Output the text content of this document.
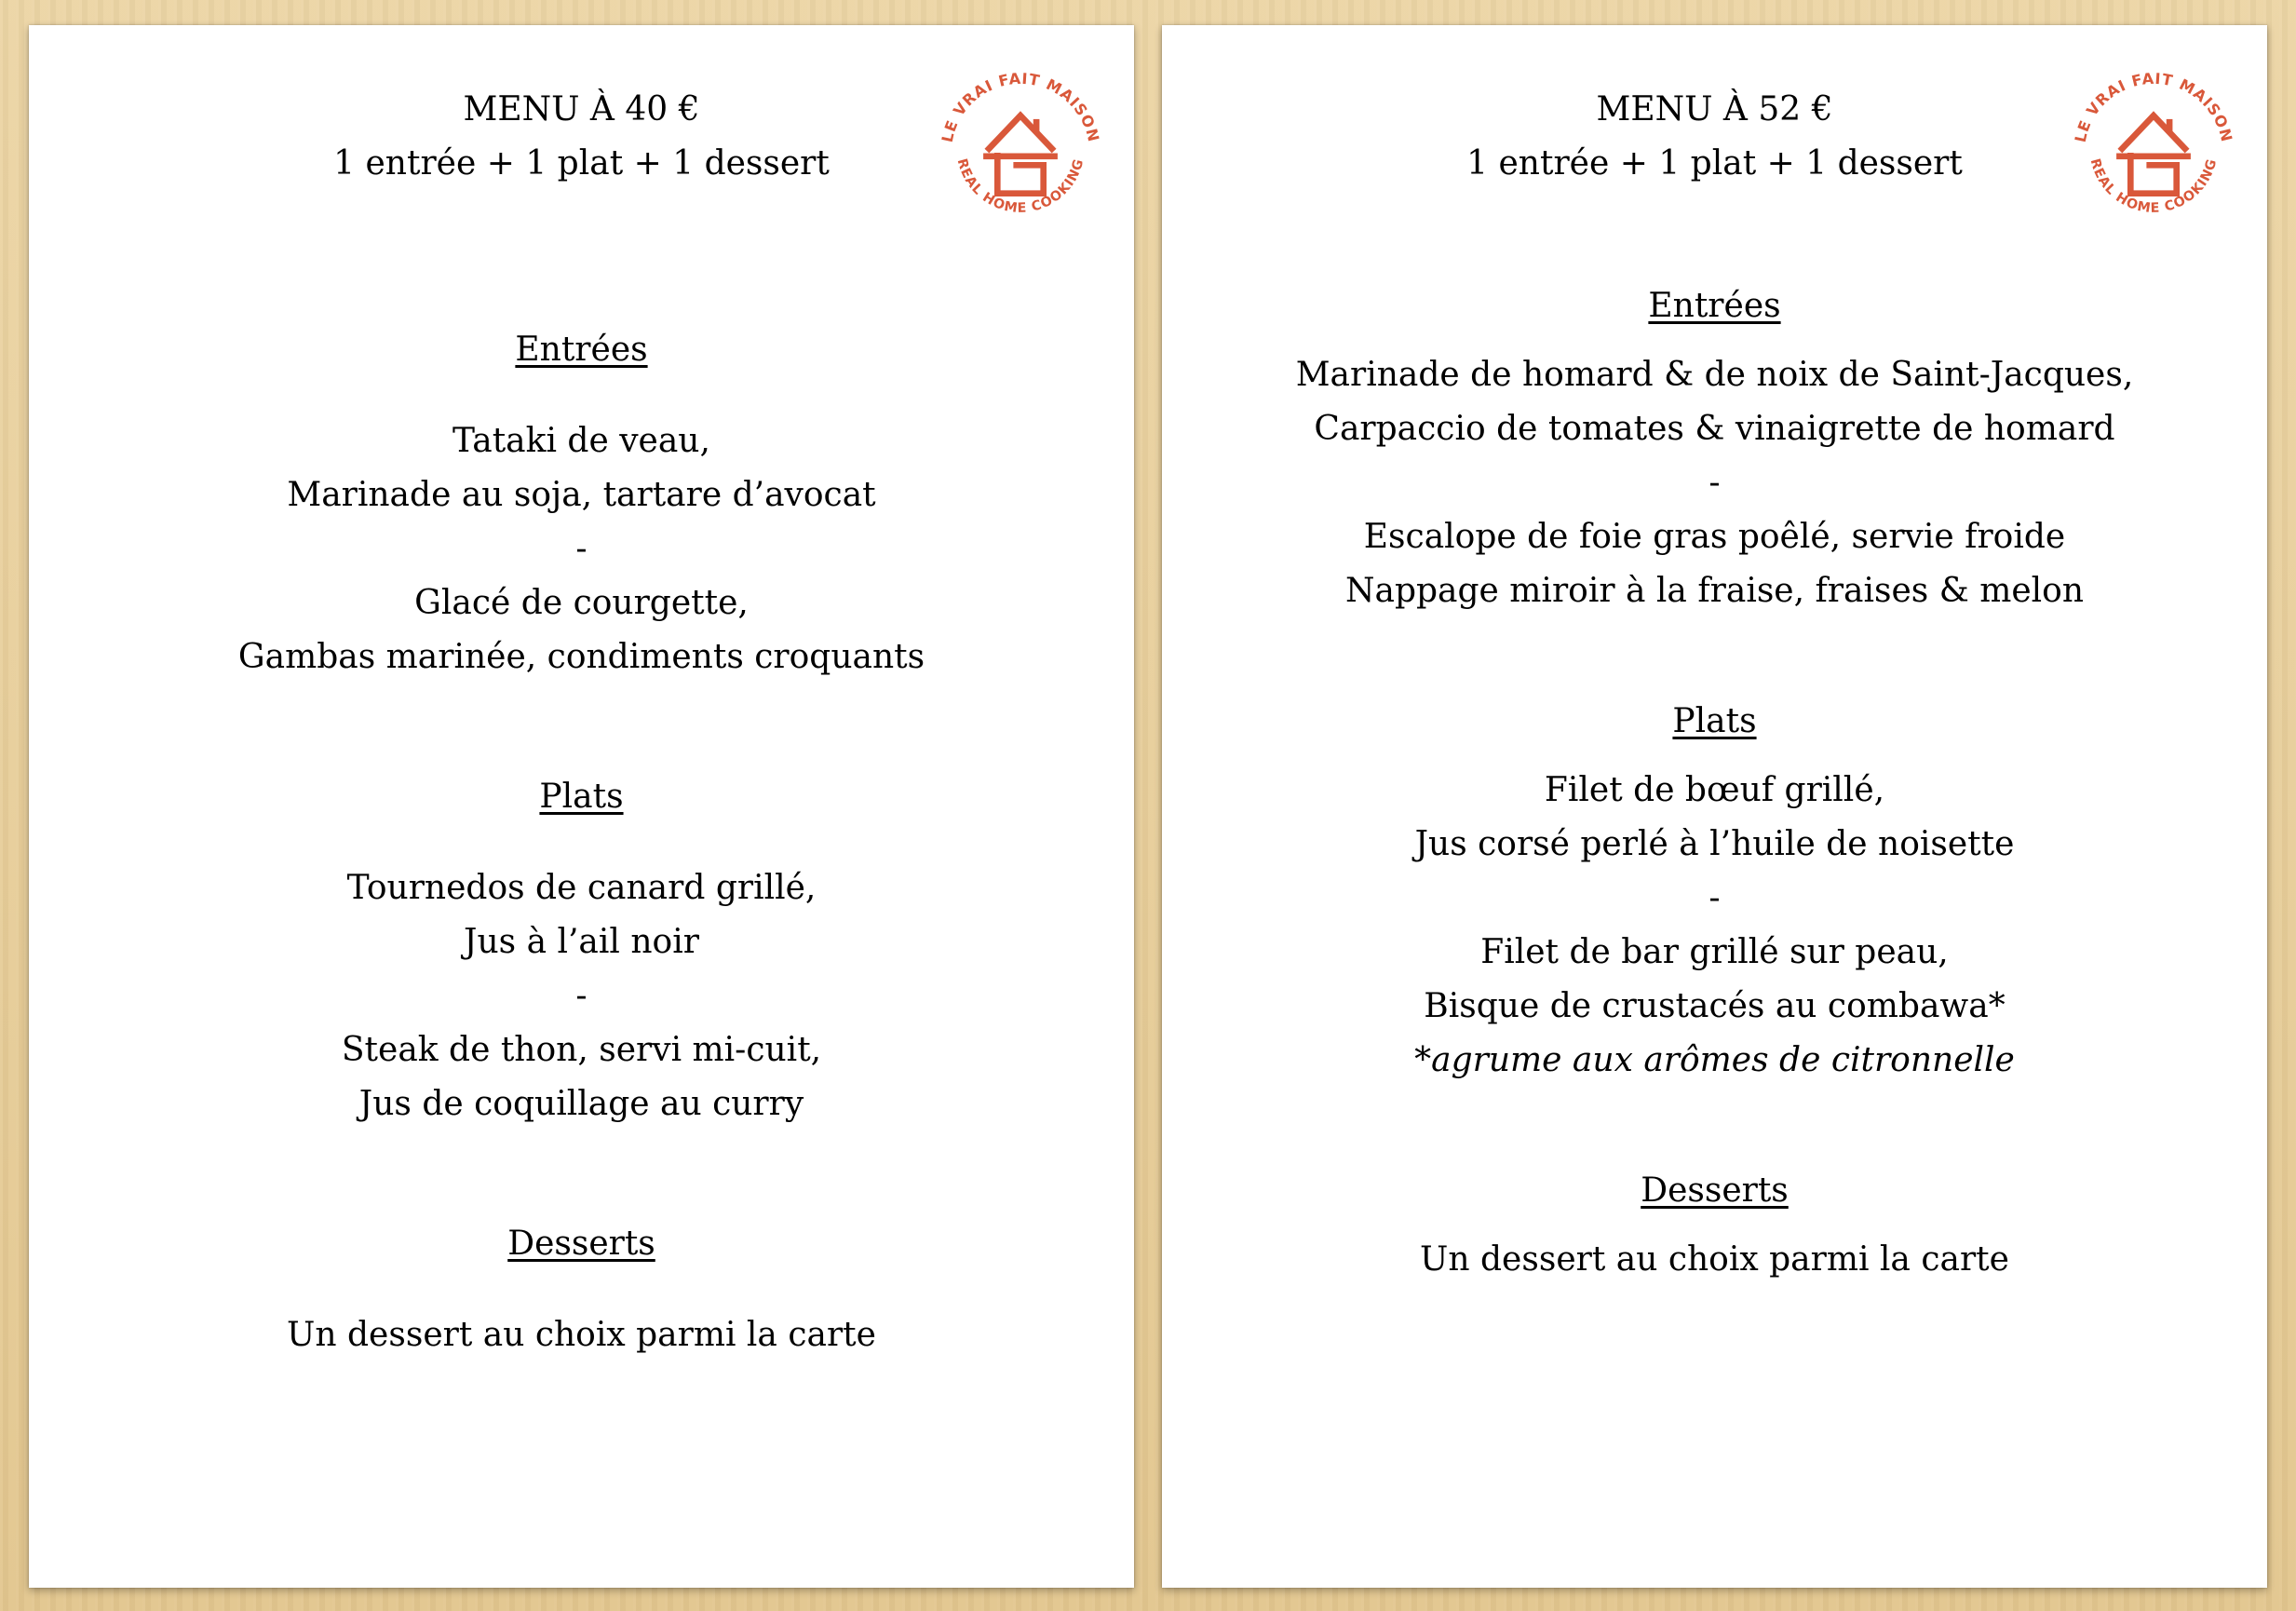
LE VRAI FAIT MAISON
REAL HOME COOKING
MENU À 40 €
1 entrée + 1 plat + 1 dessert
Entrées
Tataki de veau,
Marinade au soja, tartare d’avocat
-
Glacé de courgette,
Gambas marinée, condiments croquants
Plats
Tournedos de canard grillé,
Jus à l’ail noir
-
Steak de thon, servi mi-cuit,
Jus de coquillage au curry
Desserts
Un dessert au choix parmi la carte
LE VRAI FAIT MAISON
REAL HOME COOKING
MENU À 52 €
1 entrée + 1 plat + 1 dessert
Entrées
Marinade de homard & de noix de Saint-Jacques,
Carpaccio de tomates & vinaigrette de homard
-
Escalope de foie gras poêlé, servie froide
Nappage miroir à la fraise, fraises & melon
Plats
Filet de bœuf grillé,
Jus corsé perlé à l’huile de noisette
-
Filet de bar grillé sur peau,
Bisque de crustacés au combawa*
*agrume aux arômes de citronnelle
Desserts
Un dessert au choix parmi la carte
